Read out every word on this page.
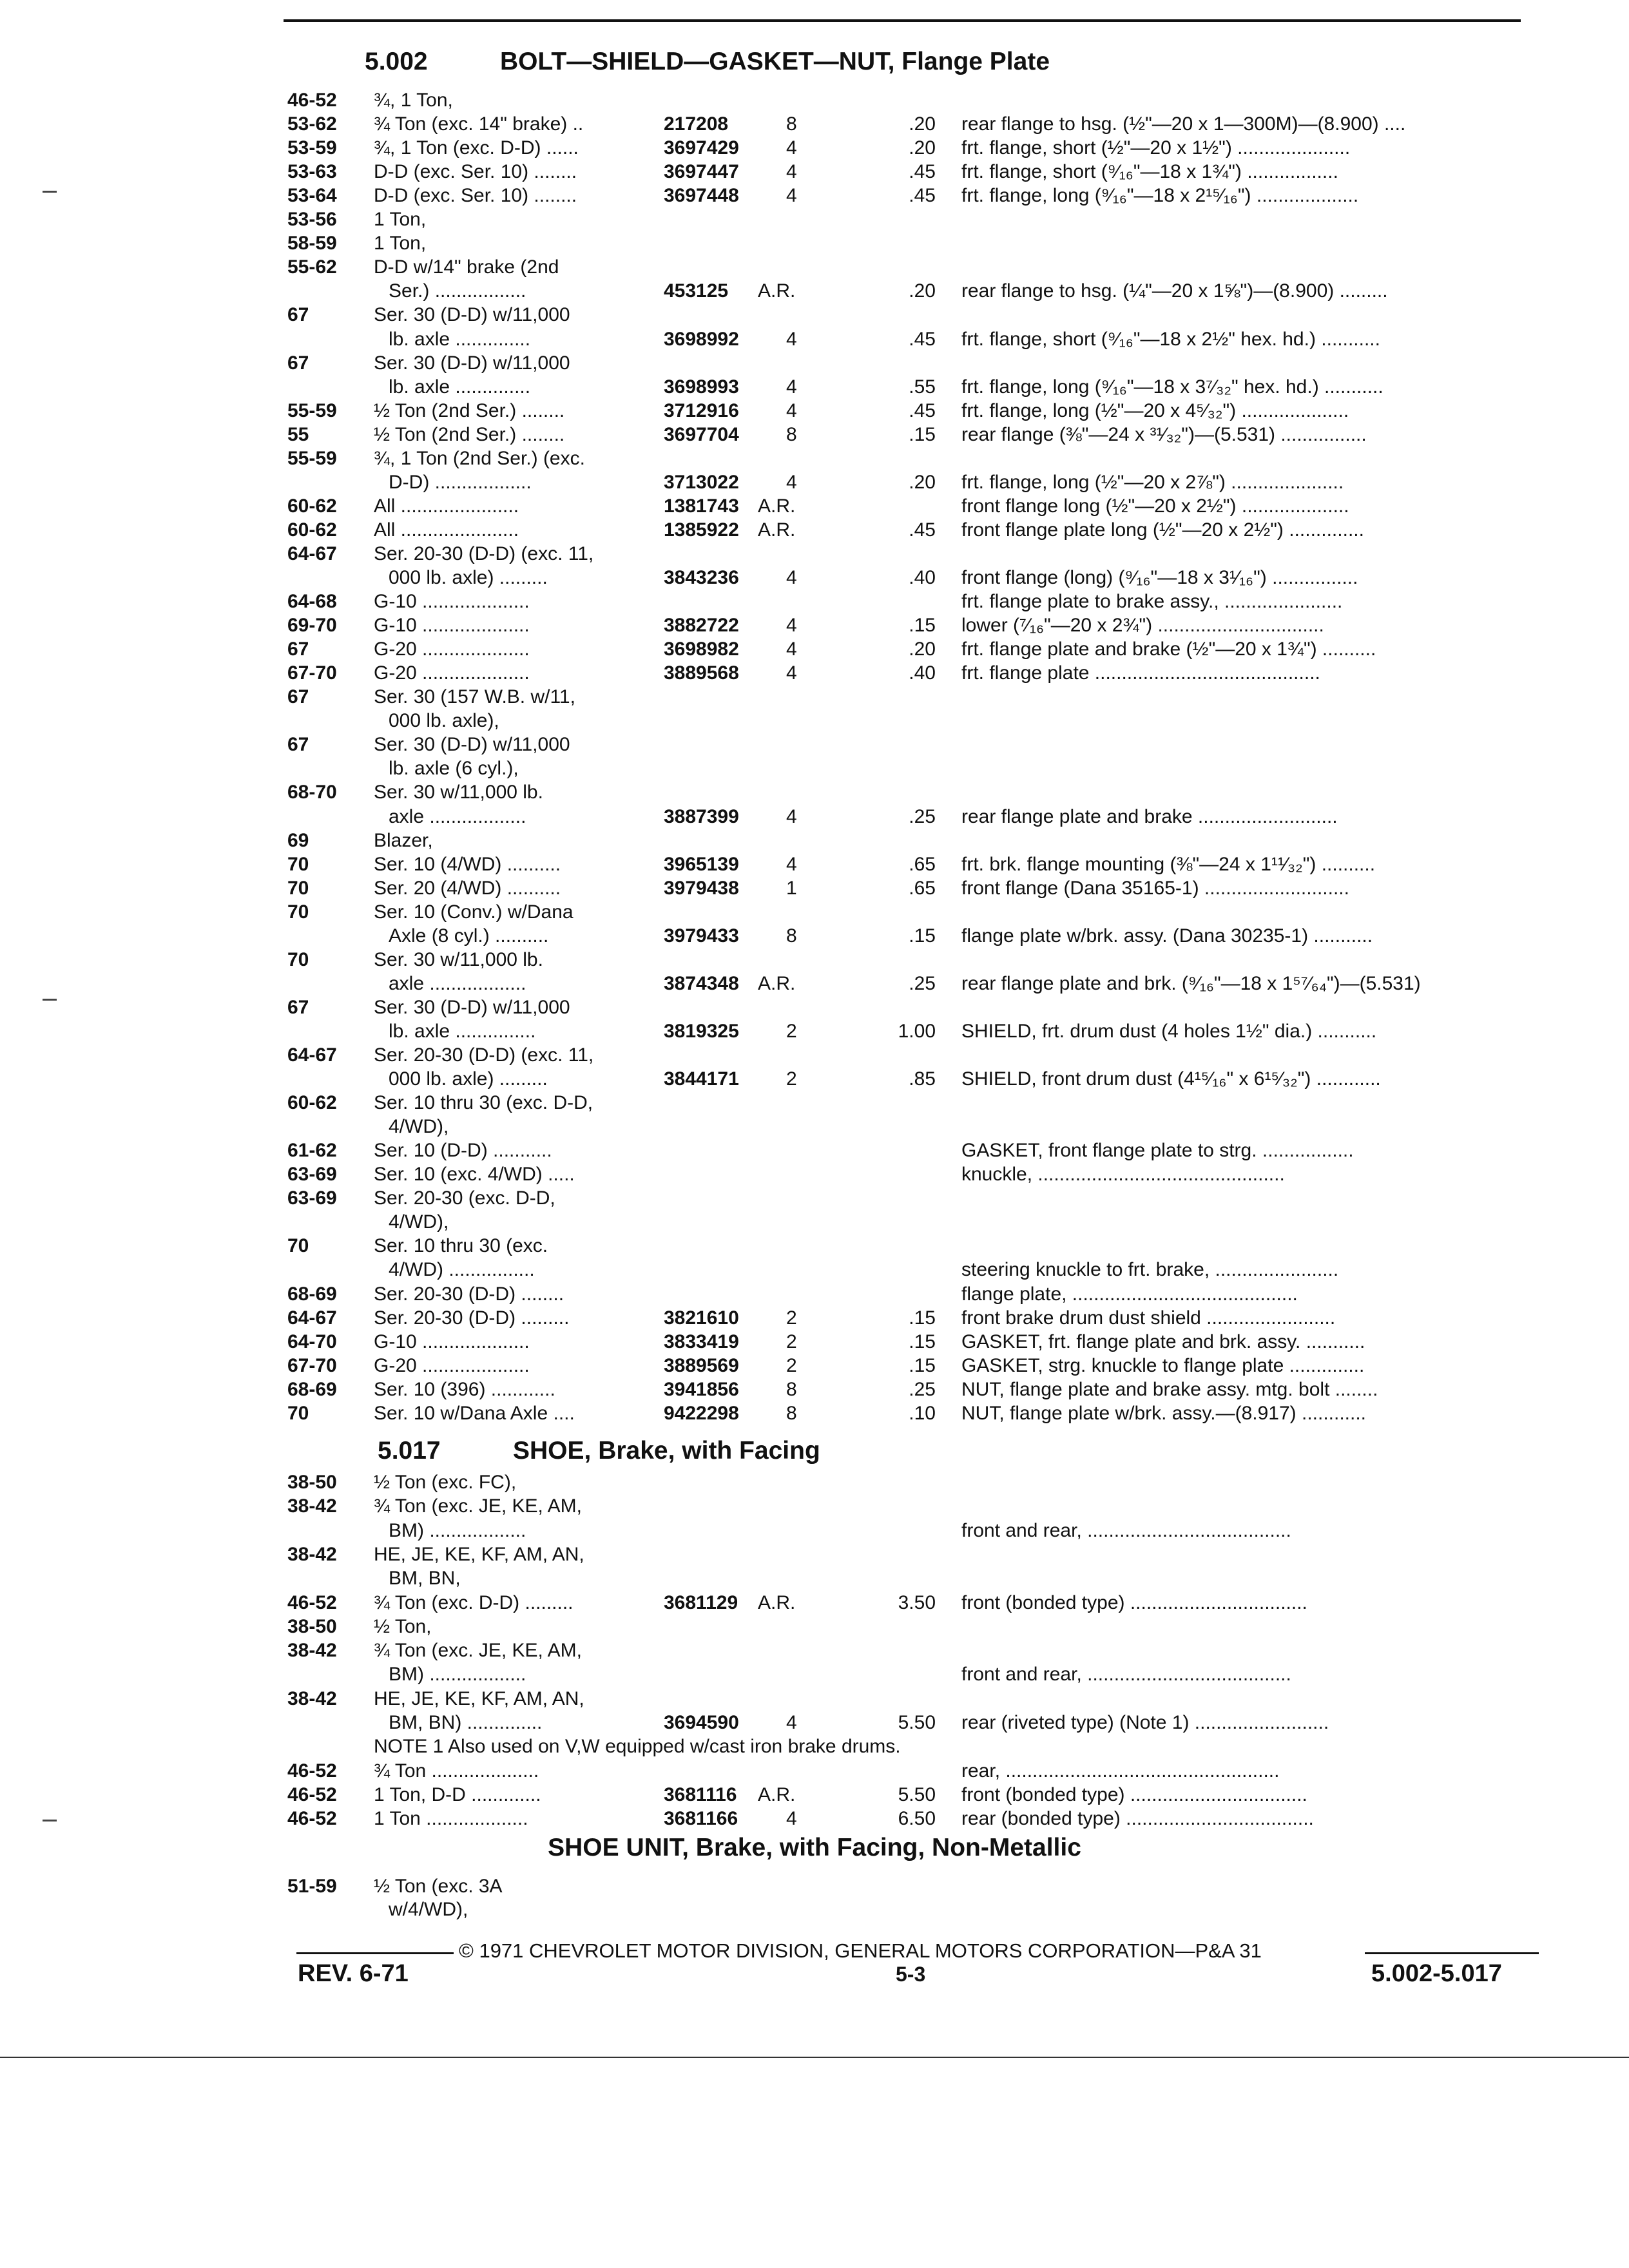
5.002	BOLT—SHIELD—GASKET—NUT, Flange Plate
46-52 ¾, 1 Ton,
53-62 ¾ Ton (exc. 14" brake) ..	217208	8	.20 rear flange to hsg. (½"—20 x 1—300M)—(8.900) ....
53-59 ¾, 1 Ton (exc. D-D) ......	3697429 4	.20 frt. flange, short (½"—20 x 1½") .....................
53-63 D-D (exc. Ser. 10) ........	3697447 4	.45 frt. flange, short (⁹⁄₁₆"—18 x 1¾") .................
53-64 D-D (exc. Ser. 10) ........	3697448 4	.45 frt. flange, long (⁹⁄₁₆"—18 x 2¹⁵⁄₁₆") ...................
53-56 1 Ton,
58-59 1 Ton,
55-62 D-D w/14" brake (2nd
Ser.) .................	453125 A.R.	.20 rear flange to hsg. (¼"—20 x 1⅝")—(8.900) .........
67	Ser. 30 (D-D) w/11,000
lb. axle ..............	3698992 4	.45 frt. flange, short (⁹⁄₁₆"—18 x 2½" hex. hd.) ...........
67	Ser. 30 (D-D) w/11,000
lb. axle ..............	3698993 4	.55 frt. flange, long (⁹⁄₁₆"—18 x 3⁷⁄₃₂" hex. hd.) ...........
55-59 ½ Ton (2nd Ser.) ........	3712916 4	.45 frt. flange, long (½"—20 x 4⁵⁄₃₂") ....................
55	½ Ton (2nd Ser.) ........	3697704 8	.15 rear flange (⅜"—24 x ³¹⁄₃₂")—(5.531) ................
55-59 ¾, 1 Ton (2nd Ser.) (exc.
D-D) ..................	3713022 4	.20 frt. flange, long (½"—20 x 2⅞") .....................
60-62 All ......................	1381743 A.R.	front flange long (½"—20 x 2½") ....................
60-62 All ......................	1385922 A.R.	.45 front flange plate long (½"—20 x 2½") ..............
64-67 Ser. 20-30 (D-D) (exc. 11,
000 lb. axle) .........	3843236 4	.40 front flange (long) (⁹⁄₁₆"—18 x 3¹⁄₁₆") ................
64-68 G-10 ....................	frt. flange plate to brake assy., ......................
69-70 G-10 ....................	3882722 4	.15 lower (⁷⁄₁₆"—20 x 2¾") ...............................
67	G-20 ....................	3698982 4	.20 frt. flange plate and brake (½"—20 x 1¾") ..........
67-70 G-20 ....................	3889568 4	.40 frt. flange plate ..........................................
67	Ser. 30 (157 W.B. w/11,
000 lb. axle),
67	Ser. 30 (D-D) w/11,000
lb. axle (6 cyl.),
68-70 Ser. 30 w/11,000 lb.
axle ..................	3887399 4	.25 rear flange plate and brake ..........................
69	Blazer,
70	Ser. 10 (4/WD) ..........	3965139 4	.65 frt. brk. flange mounting (⅜"—24 x 1¹¹⁄₃₂") ..........
70	Ser. 20 (4/WD) ..........	3979438 1	.65 front flange (Dana 35165-1) ...........................
70	Ser. 10 (Conv.) w/Dana
Axle (8 cyl.) ..........	3979433 8	.15 flange plate w/brk. assy. (Dana 30235-1) ...........
70	Ser. 30 w/11,000 lb.
axle ..................	3874348 A.R.	.25 rear flange plate and brk. (⁹⁄₁₆"—18 x 1⁵⁷⁄₆₄")—(5.531)
67	Ser. 30 (D-D) w/11,000
lb. axle ...............	3819325 2	1.00 SHIELD, frt. drum dust (4 holes 1½" dia.) ...........
64-67 Ser. 20-30 (D-D) (exc. 11,
000 lb. axle) .........	3844171 2	.85 SHIELD, front drum dust (4¹⁵⁄₁₆" x 6¹⁵⁄₃₂") ............
60-62 Ser. 10 thru 30 (exc. D-D,
4/WD),
61-62 Ser. 10 (D-D) ...........	GASKET, front flange plate to strg. .................
63-69 Ser. 10 (exc. 4/WD) .....	knuckle, ..............................................
63-69 Ser. 20-30 (exc. D-D,
4/WD),
70	Ser. 10 thru 30 (exc.
4/WD) ................	steering knuckle to frt. brake, .......................
68-69 Ser. 20-30 (D-D) ........	flange plate, ..........................................
64-67 Ser. 20-30 (D-D) .........	3821610 2	.15 front brake drum dust shield ........................
64-70 G-10 ....................	3833419 2	.15 GASKET, frt. flange plate and brk. assy. ...........
67-70 G-20 ....................	3889569 2	.15 GASKET, strg. knuckle to flange plate ..............
68-69 Ser. 10 (396) ............	3941856 8	.25 NUT, flange plate and brake assy. mtg. bolt ........
70	Ser. 10 w/Dana Axle ....	9422298 8	.10 NUT, flange plate w/brk. assy.—(8.917) ............
5.017	SHOE, Brake, with Facing
38-50 ½ Ton (exc. FC),
38-42 ¾ Ton (exc. JE, KE, AM,
BM) ..................	front and rear, ......................................
38-42 HE, JE, KE, KF, AM, AN,
BM, BN,
46-52 ¾ Ton (exc. D-D) .........	3681129 A.R.	3.50 front (bonded type) .................................
38-50 ½ Ton,
38-42 ¾ Ton (exc. JE, KE, AM,
BM) ..................	front and rear, ......................................
38-42 HE, JE, KE, KF, AM, AN,
BM, BN) ..............	3694590 4	5.50 rear (riveted type) (Note 1) .........................
NOTE 1 Also used on V,W equipped w/cast iron brake drums.
46-52 ¾ Ton ....................	rear, ...................................................
46-52 1 Ton, D-D .............	3681116 A.R.	5.50 front (bonded type) .................................
46-52 1 Ton ...................	3681166 4	6.50 rear (bonded type) ...................................
SHOE UNIT, Brake, with Facing, Non-Metallic
51-59 ½ Ton (exc. 3A
w/4/WD),
© 1971 CHEVROLET MOTOR DIVISION, GENERAL MOTORS CORPORATION—P&A 31
REV. 6-71	5-3	5.002-5.017
